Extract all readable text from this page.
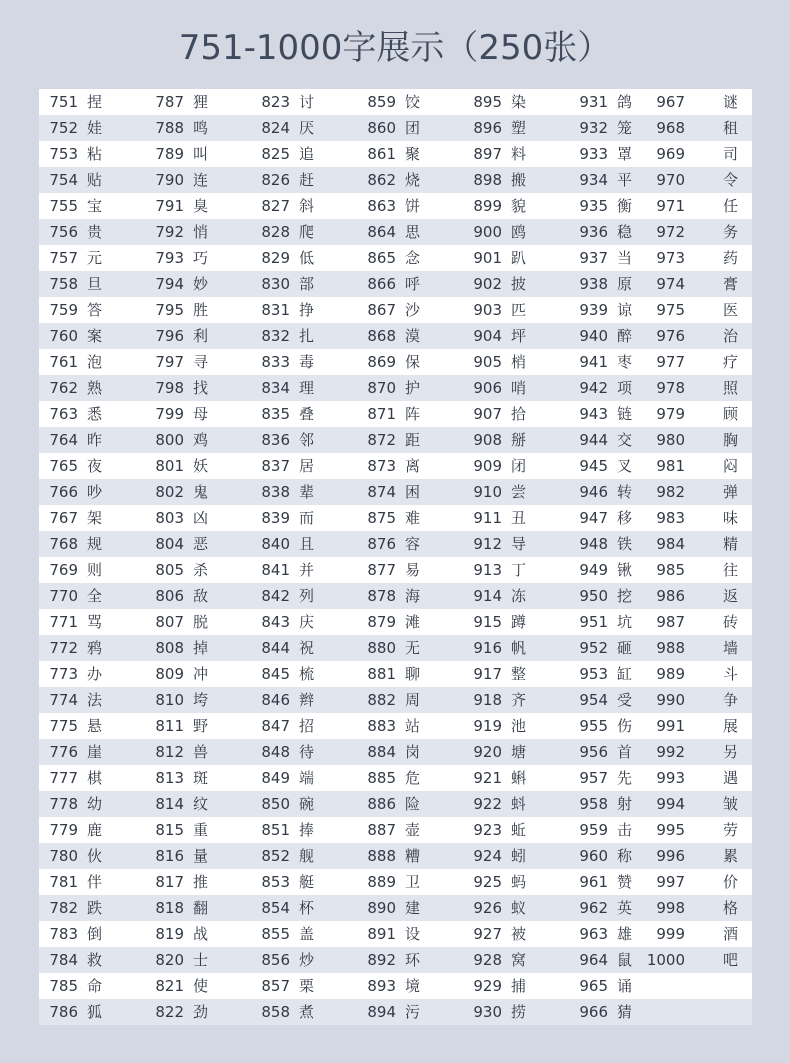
751-1000字展示（250张）
751 捏	787 狸	823 讨	859 饺	895 染	931 鸽 967	谜
752 娃	788 鸣	824 厌	860 团	896 塑	932 笼 968	租
753 粘	789 叫	825 追	861 聚	897 料	933 罩 969	司
754 贴	790 连	826 赶	862 烧	898 搬	934 平 970	令
755 宝	791 臭	827 斜	863 饼	899 貌	935 衡 971	任
756 贵	792 悄	828 爬	864 思	900 鸥	936 稳 972	务
757 元	793 巧	829 低	865 念	901 趴	937 当 973	药
758 旦	794 妙	830 部	866 呼	902 披	938 原 974	膏
759 答	795 胜	831 挣	867 沙	903 匹	939 谅 975	医
760 案	796 利	832 扎	868 漠	904 坪	940 醉 976	治
761 泡	797 寻	833 毒	869 保	905 梢	941 枣 977	疗
762 熟	798 找	834 理	870 护	906 哨	942 项 978	照
763 悉	799 母	835 叠	871 阵	907 拾	943 链 979	顾
764 昨	800 鸡	836 邻	872 距	908 掰	944 交 980	胸
765 夜	801 妖	837 居	873 离	909 闭	945 叉 981	闷
766 吵	802 鬼	838 辈	874 困	910 尝	946 转 982	弹
767 架	803 凶	839 而	875 难	911 丑	947 移 983	味
768 规	804 恶	840 且	876 容	912 导	948 铁 984	精
769 则	805 杀	841 并	877 易	913 丁	949 锹 985	往
770 全	806 敌	842 列	878 海	914 冻	950 挖 986	返
771 骂	807 脱	843 庆	879 滩	915 蹲	951 坑 987	砖
772 鸦	808 掉	844 祝	880 无	916 帆	952 砸 988	墙
773 办	809 冲	845 梳	881 聊	917 整	953 缸 989	斗
774 法	810 垮	846 辫	882 周	918 齐	954 受 990	争
775 悬	811 野	847 招	883 站	919 池	955 伤 991	展
776 崖	812 兽	848 待	884 岗	920 塘	956 首 992	另
777 棋	813 斑	849 端	885 危	921 蝌	957 先 993	遇
778 幼	814 纹	850 碗	886 险	922 蚪	958 射 994	皱
779 鹿	815 重	851 捧	887 壶	923 蚯	959 击 995	劳
780 伙	816 量	852 舰	888 糟	924 蚓	960 称 996	累
781 伴	817 推	853 艇	889 卫	925 蚂	961 赞 997	价
782 跌	818 翻	854 杯	890 建	926 蚁	962 英 998	格
783 倒	819 战	855 盖	891 设	927 被	963 雄 999	酒
784 救	820 士	856 炒	892 环	928 窝	964 鼠 1000	吧
785 命	821 使	857 栗	893 境	929 捕	965 诵
786 狐	822 劲	858 煮	894 污	930 捞	966 猜
